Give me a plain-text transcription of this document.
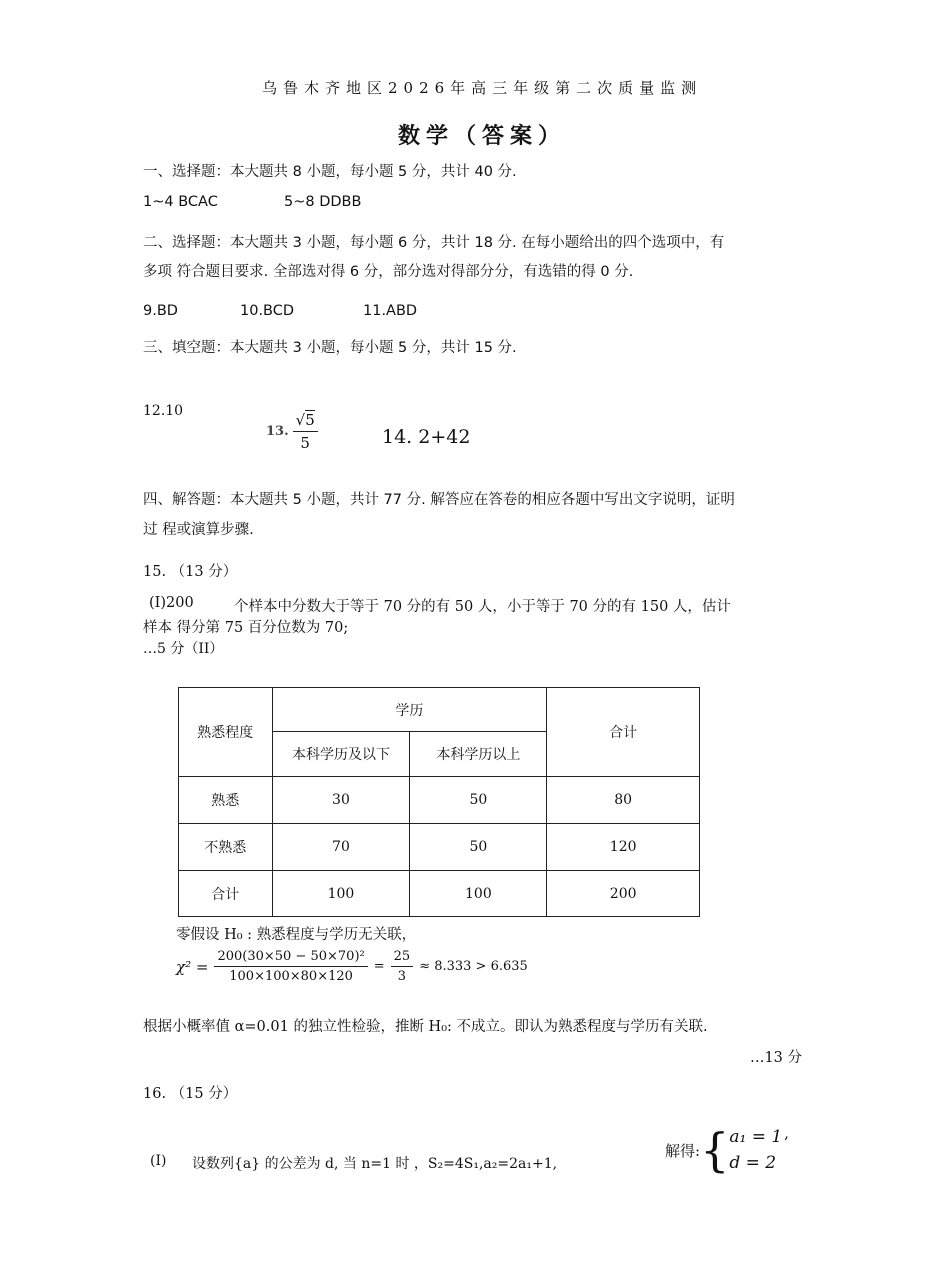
乌鲁木齐地区2026年高三年级第二次质量监测
数学（答案）
一、选择题：本大题共 8 小题，每小题 5 分，共计 40 分.
1~4 BCAC	5~8 DDBB
二、选择题：本大题共 3 小题，每小题 6 分，共计 18 分. 在每小题给出的四个选项中，有
多项 符合题目要求. 全部选对得 6 分，部分选对得部分分，有选错的得 0 分.
9.BD	10.BCD	11.ABD
三、填空题：本大题共 3 小题，每小题 5 分，共计 15 分.
12.10
13. $\frac{√5}{5}$	14. 2+42
四、解答题：本大题共 5 小题，共计 77 分. 解答应在答卷的相应各题中写出文字说明，证明
过 程或演算步骤.
15. （13 分）
(I)200	个样本中分数大于等于 70 分的有 50 人，小于等于 70 分的有 150 人，估计
样本 得分第 75 百分位数为 70;
…5 分（II）
熟悉程度	学历		合计
	本科学历及以下	本科学历以上	
熟悉	30	50	80
不熟悉	70	50	120
合计	100	100	200
零假设 H₀ : 熟悉程度与学历无关联，
$\chi^2 = \frac{\text{200(30×50 − 50×70)²}}{100\times 100\times 80\times 120} = \frac{25}{3} \approx 8.333 > 6.635$
根据小概率值 α=0.01 的独立性检验，推断 H₀: 不成立。即认为熟悉程度与学历有关联.
…13 分
16. （15 分）
(I) 设数列{a} 的公差为 d, 当 n=1 时 ，S₂=4S₁,a₂=2a₁+1,
解得: { a₁ = 1
d = 2
,
